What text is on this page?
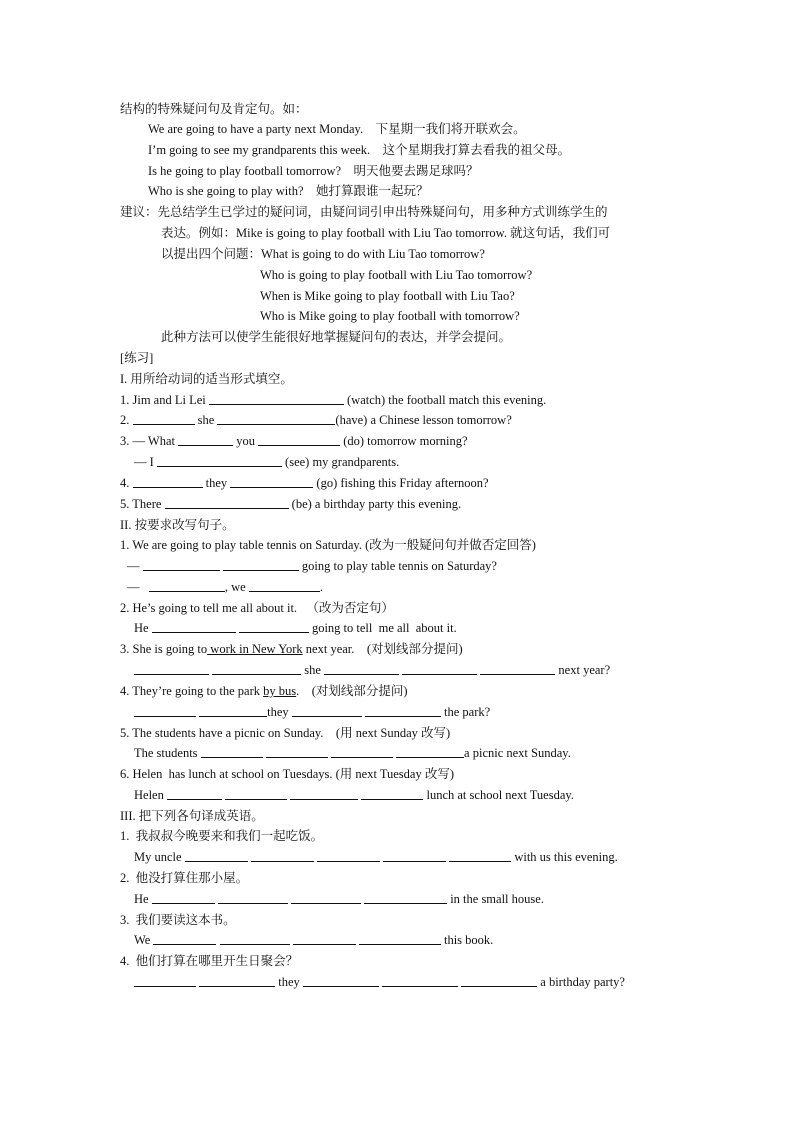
结构的特殊疑问句及肯定句。如：
We are going to have a party next Monday.    下星期一我们将开联欢会。
I’m going to see my grandparents this week.    这个星期我打算去看我的祖父母。
Is he going to play football tomorrow?    明天他要去踢足球吗？
Who is she going to play with?    她打算跟谁一起玩？
建议：先总结学生已学过的疑问词，由疑问词引申出特殊疑问句，用多种方式训练学生的
表达。例如：Mike is going to play football with Liu Tao tomorrow. 就这句话，我们可
以提出四个问题：What is going to do with Liu Tao tomorrow?
Who is going to play football with Liu Tao tomorrow?
When is Mike going to play football with Liu Tao?
Who is Mike going to play football with tomorrow?
此种方法可以使学生能很好地掌握疑问句的表达，并学会提问。
[练习]
I. 用所给动词的适当形式填空。
1. Jim and Li Lei	(watch) the football match this evening.
2.	she	(have) a Chinese lesson tomorrow?
3. — What	you	(do) tomorrow morning?
— I	(see) my grandparents.
4.	they	(go) fishing this Friday afternoon?
5. There	(be) a birthday party this evening.
II. 按要求改写句子。
1. We are going to play table tennis on Saturday. (改为一般疑问句并做否定回答)
—	going to play table tennis on Saturday?
—	, we	.
2. He’s going to tell me all about it.   （改为否定句）
He	going to tell  me all  about it.
3. She is going to work in New York next year.    (对划线部分提问)
she	next year?
4. They’re going to the park by bus.    (对划线部分提问)
they	the park?
5. The students have a picnic on Sunday.    (用 next Sunday 改写)
The students	a picnic next Sunday.
6. Helen  has lunch at school on Tuesdays. (用 next Tuesday 改写)
Helen	lunch at school next Tuesday.
III. 把下列各句译成英语。
1.  我叔叔今晚要来和我们一起吃饭。
My uncle	with us this evening.
2.  他没打算住那小屋。
He	in the small house.
3.  我们要读这本书。
We	this book.
4.  他们打算在哪里开生日聚会？
they	a birthday party?
